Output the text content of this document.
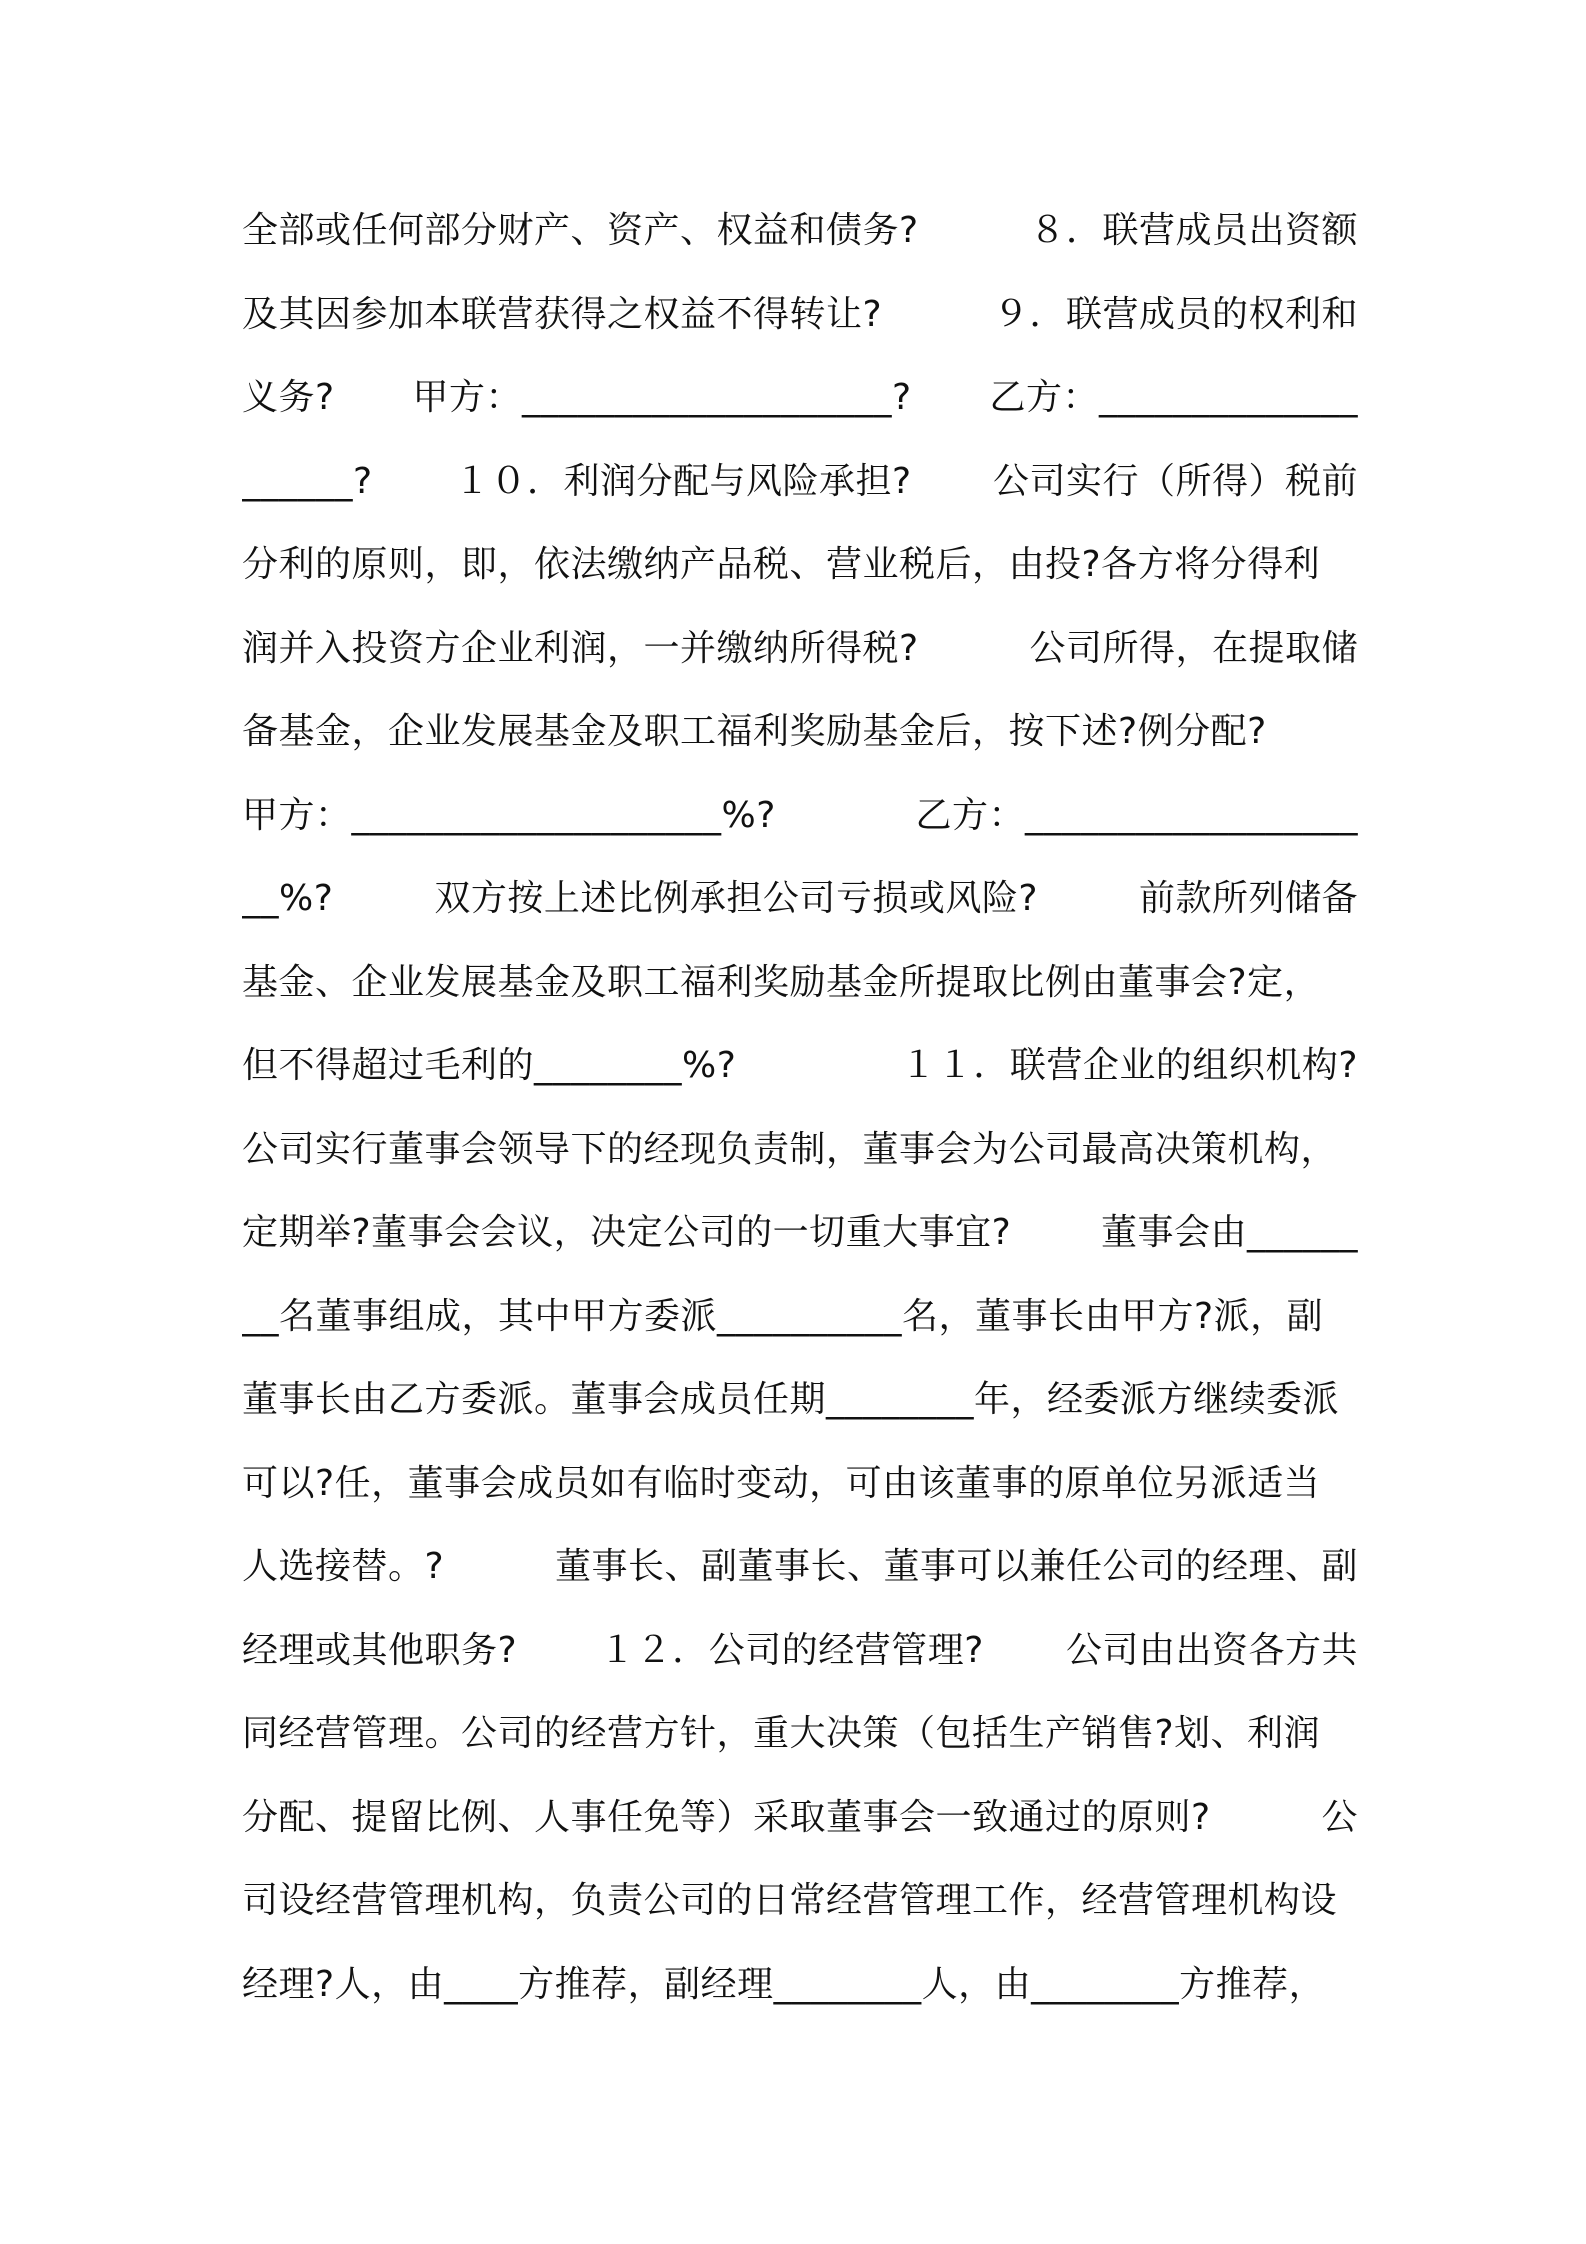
全部或任何部分财产、资产、权益和债务?	８．联营成员出资额
及其因参加本联营获得之权益不得转让?	９．联营成员的权利和
义务? 甲方：____________________? 乙方：______________
______? １０．利润分配与风险承担? 公司实行（所得）税前
分利的原则，即，依法缴纳产品税、营业税后，由投?各方将分得利
润并入投资方企业利润，一并缴纳所得税?	公司所得，在提取储
备基金，企业发展基金及职工福利奖励基金后，按下述?例分配?
甲方：____________________%?	乙方：__________________
__%?	双方按上述比例承担公司亏损或风险?	前款所列储备
基金、企业发展基金及职工福利奖励基金所提取比例由董事会?定，
但不得超过毛利的________%?	１１．联营企业的组织机构?
公司实行董事会领导下的经现负责制，董事会为公司最高决策机构，
定期举?董事会会议，决定公司的一切重大事宜? 董事会由______
__名董事组成，其中甲方委派__________名，董事长由甲方?派，副
董事长由乙方委派。董事会成员任期________年，经委派方继续委派
可以?任，董事会成员如有临时变动，可由该董事的原单位另派适当
人选接替。?	董事长、副董事长、董事可以兼任公司的经理、副
经理或其他职务? １２．公司的经营管理? 公司由出资各方共
同经营管理。公司的经营方针，重大决策（包括生产销售?划、利润
分配、提留比例、人事任免等）采取董事会一致通过的原则?	公
司设经营管理机构，负责公司的日常经营管理工作，经营管理机构设
经理?人，由____方推荐，副经理________人，由________方推荐，
